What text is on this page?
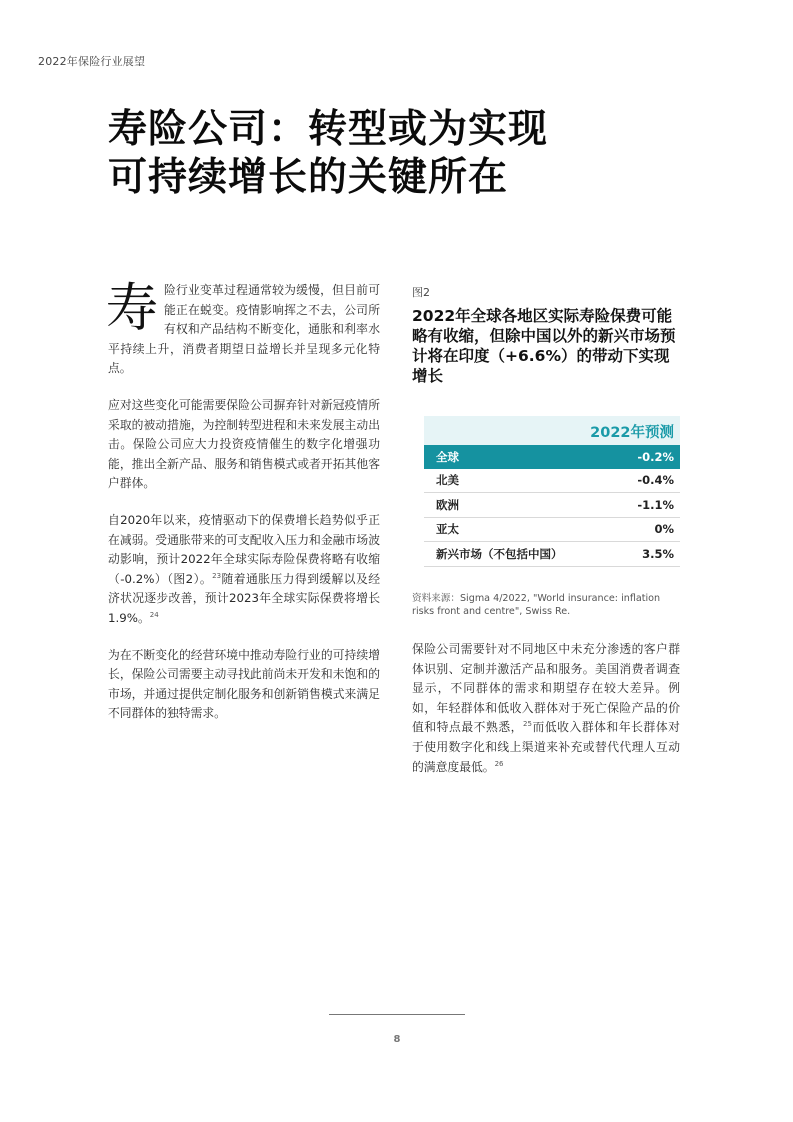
2022年保险行业展望
寿险公司：转型或为实现
可持续增长的关键所在

寿险行业变革过程通常较为缓慢，但目前可能正在蜕变。疫情影响挥之不去，公司所有权和产品结构不断变化，通胀和利率水平持续上升，消费者期望日益增长并呈现多元化特点。

应对这些变化可能需要保险公司摒弃针对新冠疫情所采取的被动措施，为控制转型进程和未来发展主动出击。保险公司应大力投资疫情催生的数字化增强功能，推出全新产品、服务和销售模式或者开拓其他客户群体。

自2020年以来，疫情驱动下的保费增长趋势似乎正在减弱。受通胀带来的可支配收入压力和金融市场波动影响，预计2022年全球实际寿险保费将略有收缩（-0.2%）（图2）。$^{23}$随着通胀压力得到缓解以及经济状况逐步改善，预计2023年全球实际保费将增长1.9%。$^{24}$

为在不断变化的经营环境中推动寿险行业的可持续增长，保险公司需要主动寻找此前尚未开发和未饱和的市场，并通过提供定制化服务和创新销售模式来满足不同群体的独特需求。

图2
2022年全球各地区实际寿险保费可能略有收缩，但除中国以外的新兴市场预计将在印度（+6.6%）的带动下实现增长
2022年预测
全球	-0.2%
北美	-0.4%
欧洲	-1.1%
亚太	0%
新兴市场（不包括中国）	3.5%
资料来源：Sigma 4/2022, "World insurance: inflation risks front and centre", Swiss Re.

保险公司需要针对不同地区中未充分渗透的客户群体识别、定制并激活产品和服务。美国消费者调查显示，不同群体的需求和期望存在较大差异。例如，年轻群体和低收入群体对于死亡保险产品的价值和特点最不熟悉，$^{25}$而低收入群体和年长群体对于使用数字化和线上渠道来补充或替代代理人互动的满意度最低。$^{26}$

8
